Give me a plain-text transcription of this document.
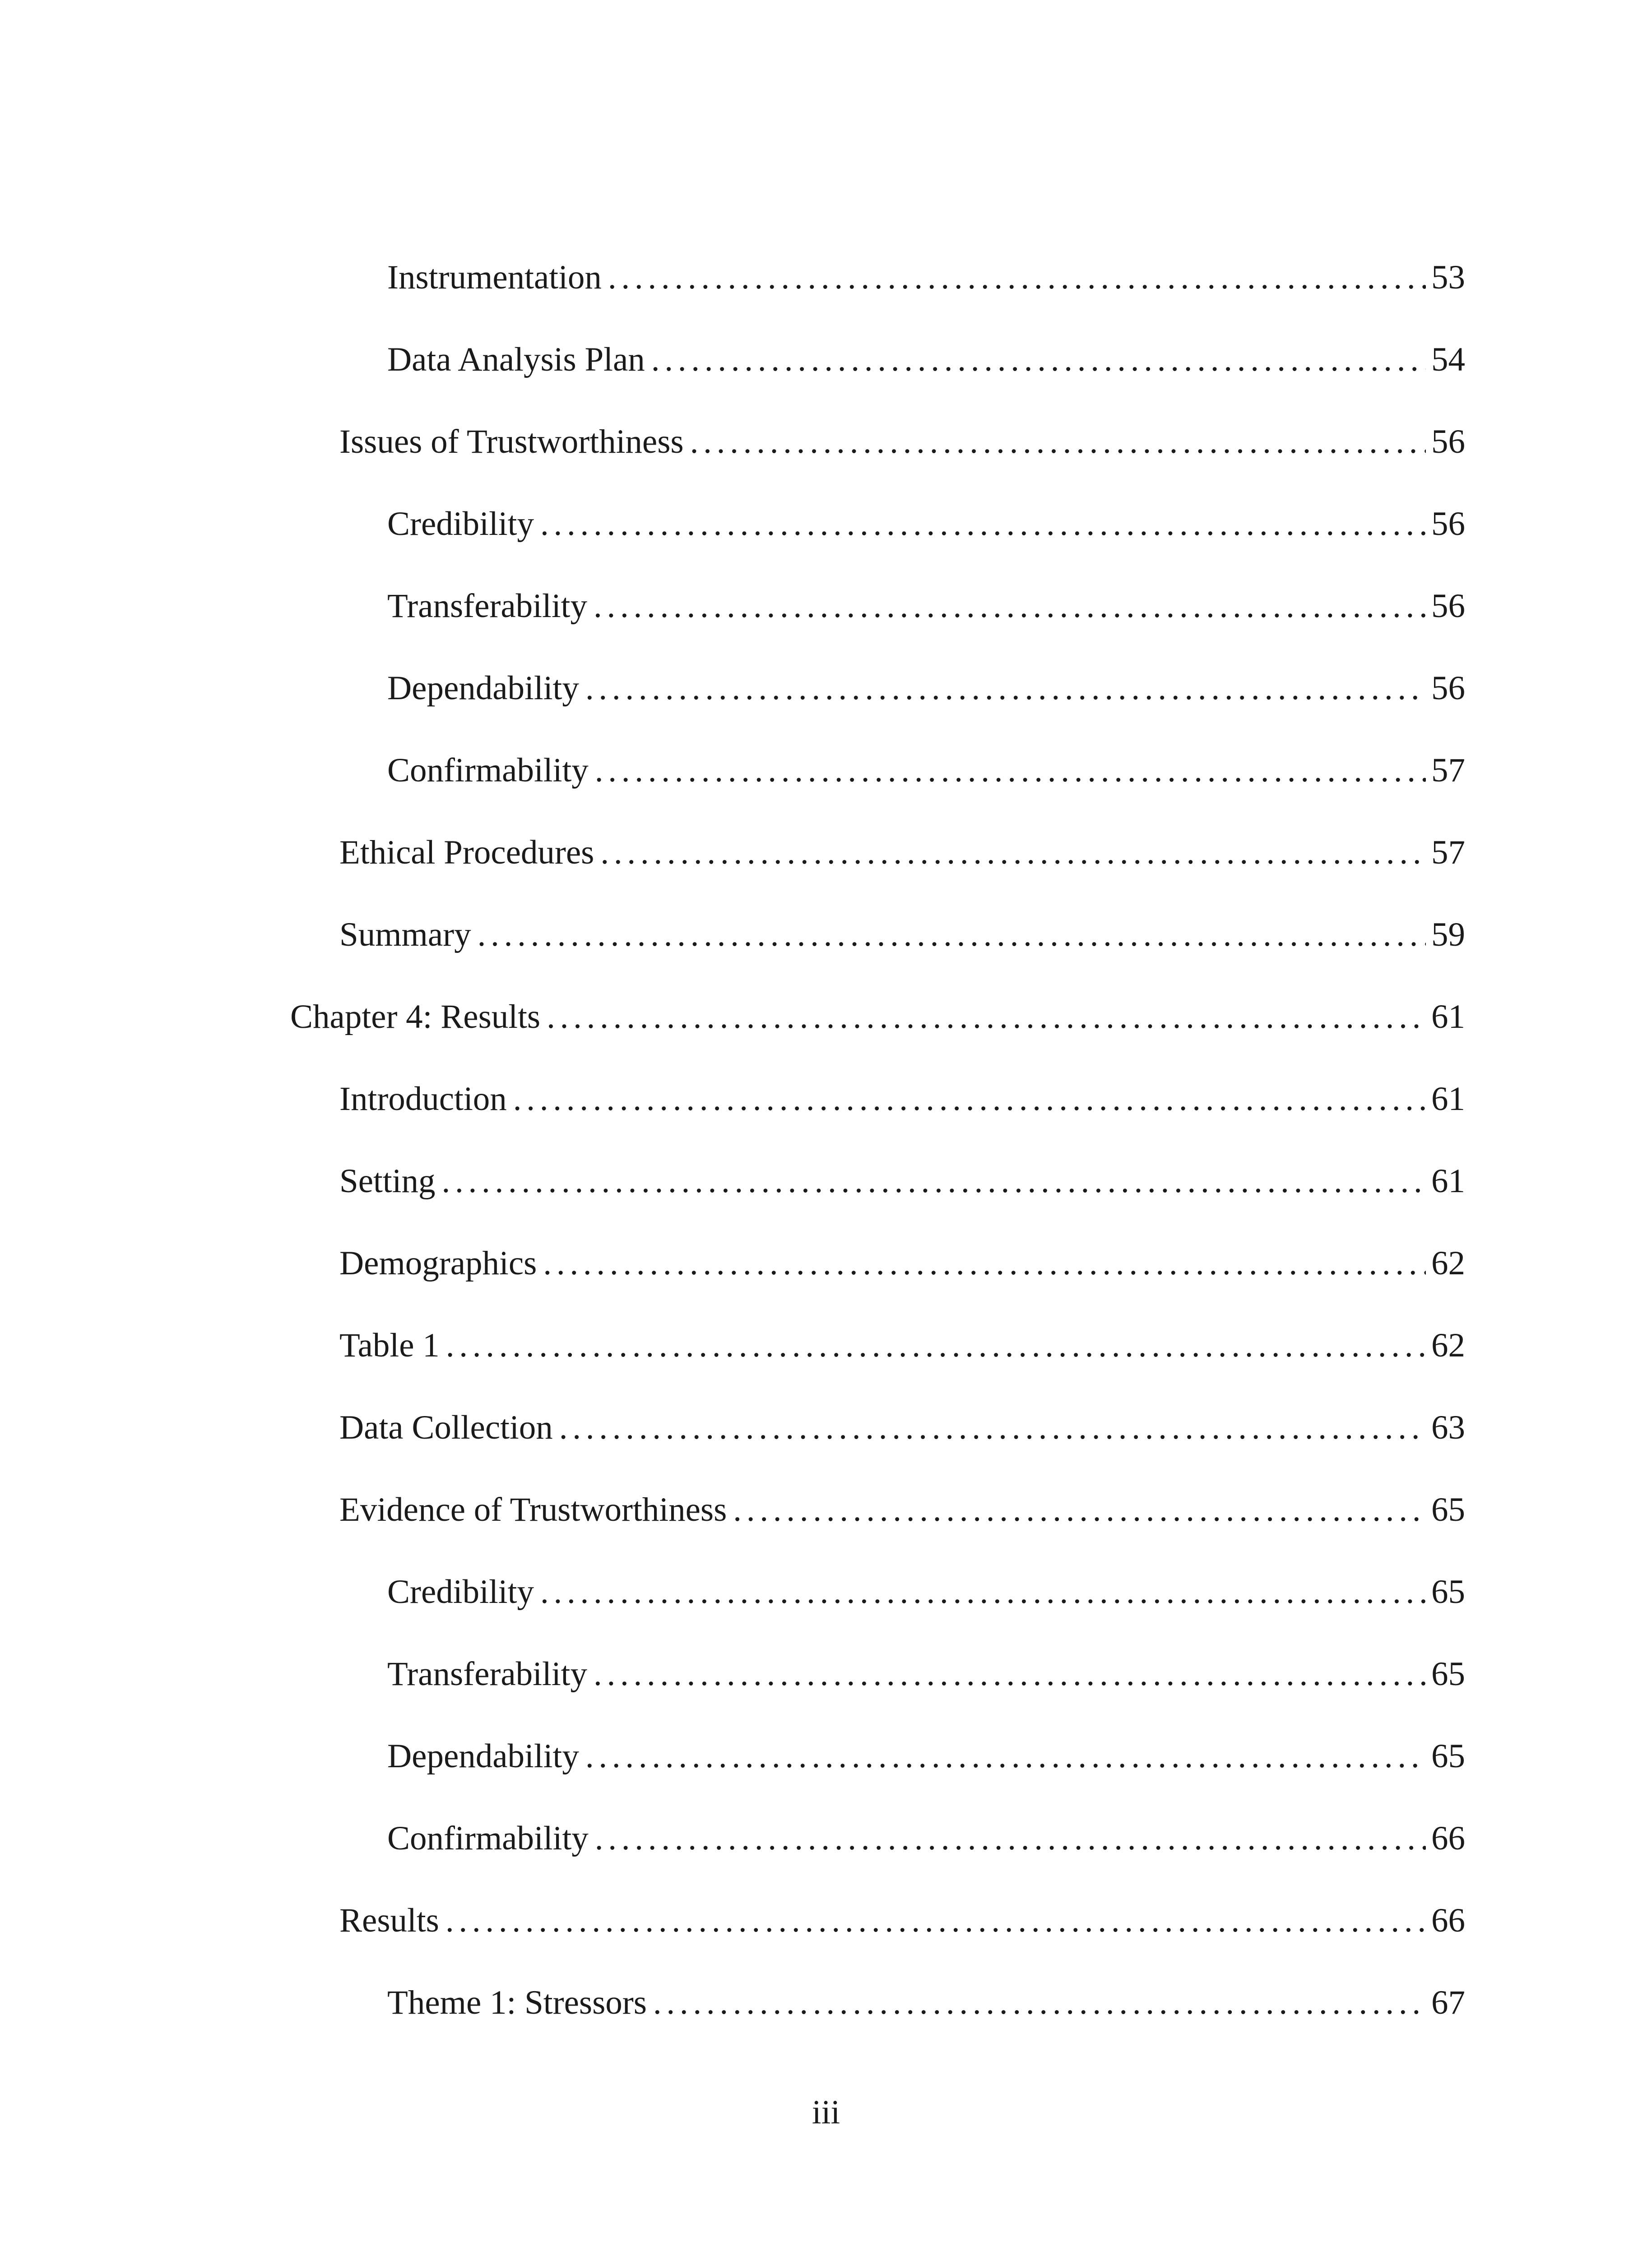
Instrumentation . . .	53
Data Analysis Plan . . .	54
Issues of Trustworthiness . . .	56
Credibility . . .	56
Transferability . . .	56
Dependability . . .	56
Confirmability . . .	57
Ethical Procedures . . .	57
Summary . . .	59
Chapter 4: Results . . .	61
Introduction . . .	61
Setting . . .	61
Demographics . . .	62
Table 1 . . .	62
Data Collection . . .	63
Evidence of Trustworthiness . . .	65
Credibility . . .	65
Transferability . . .	65
Dependability . . .	65
Confirmability . . .	66
Results . . .	66
Theme 1: Stressors . . .	67
iii
